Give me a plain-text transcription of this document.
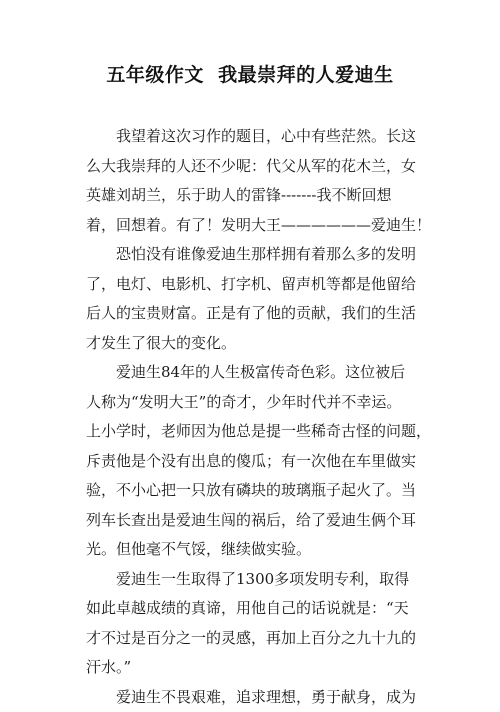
五年级作文  我最崇拜的人爱迪生
我望着这次习作的题目，心中有些茫然。长这
么大我崇拜的人还不少呢：代父从军的花木兰，女
英雄刘胡兰，乐于助人的雷锋-------我不断回想
着，回想着。有了！发明大王——————爱迪生！
恐怕没有谁像爱迪生那样拥有着那么多的发明
了，电灯、电影机、打字机、留声机等都是他留给
后人的宝贵财富。正是有了他的贡献，我们的生活
才发生了很大的变化。
爱迪生84年的人生极富传奇色彩。这位被后
人称为“发明大王”的奇才，少年时代并不幸运。
上小学时，老师因为他总是提一些稀奇古怪的问题，
斥责他是个没有出息的傻瓜；有一次他在车里做实
验，不小心把一只放有磷块的玻璃瓶子起火了。当
列车长查出是爱迪生闯的祸后，给了爱迪生俩个耳
光。但他毫不气馁，继续做实验。
爱迪生一生取得了1300多项发明专利，取得
如此卓越成绩的真谛，用他自己的话说就是：“天
才不过是百分之一的灵感，再加上百分之九十九的
汗水。”
爱迪生不畏艰难，追求理想，勇于献身，成为
